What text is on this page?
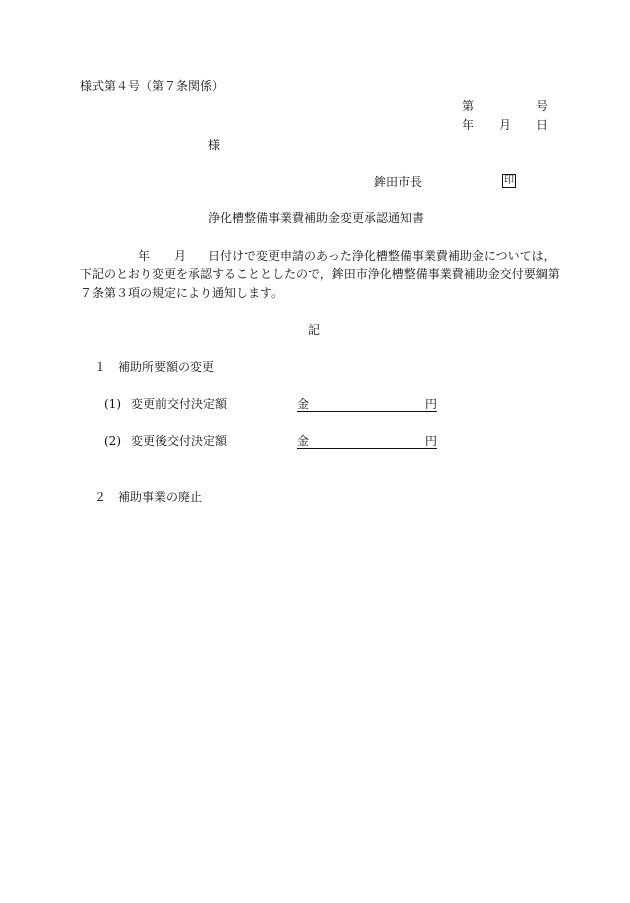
様式第４号（第７条関係）
第	号
年 月 日
様
鉾田市長	印
浄化槽整備事業費補助金変更承認通知書
年 月 日付けで変更申請のあった浄化槽整備事業費補助金については，
下記のとおり変更を承認することとしたので，鉾田市浄化槽整備事業費補助金交付要綱第
７条第３項の規定により通知します。
記
１　補助所要額の変更
(1) 変更前交付決定額	金	円
(2) 変更後交付決定額	金	円
２　補助事業の廃止
